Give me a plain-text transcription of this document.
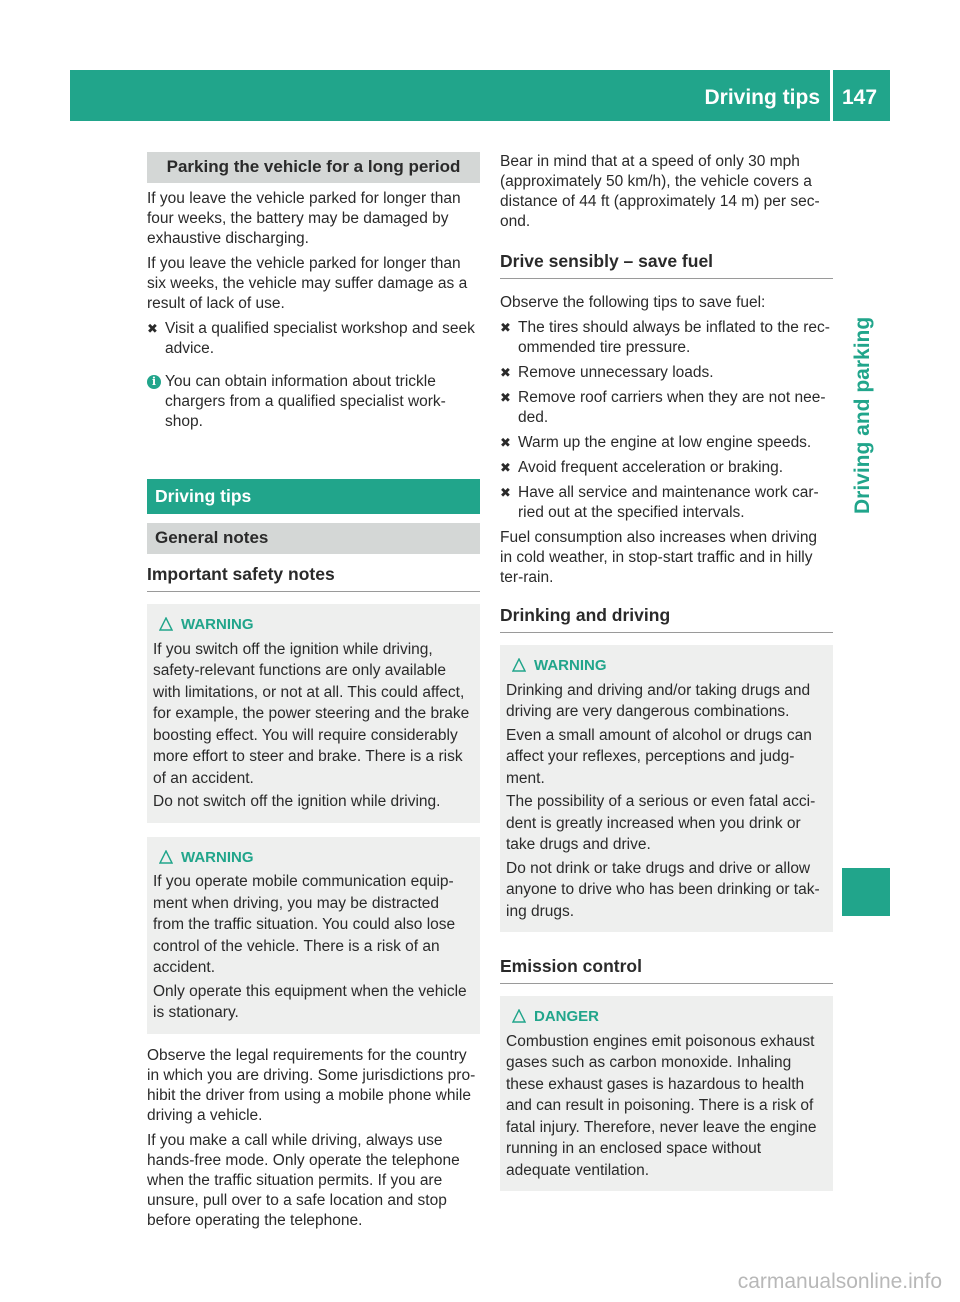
Driving tips 147
Driving and parking
Parking the vehicle for a long period

If you leave the vehicle parked for longer than four weeks, the battery may be damaged by exhaustive discharging.

If you leave the vehicle parked for longer than six weeks, the vehicle may suffer damage as a result of lack of use.

✖ Visit a qualified specialist workshop and seek advice.
i You can obtain information about trickle chargers from a qualified specialist work-shop.
Driving tips
General notes
Important safety notes
WARNING

If you switch off the ignition while driving, safety-relevant functions are only available with limitations, or not at all. This could affect, for example, the power steering and the brake boosting effect. You will require considerably more effort to steer and brake. There is a risk of an accident.

Do not switch off the ignition while driving.

WARNING

If you operate mobile communication equip-ment when driving, you may be distracted from the traffic situation. You could also lose control of the vehicle. There is a risk of an accident.

Only operate this equipment when the vehicle is stationary.

Observe the legal requirements for the country in which you are driving. Some jurisdictions pro-hibit the driver from using a mobile phone while driving a vehicle.

If you make a call while driving, always use hands-free mode. Only operate the telephone when the traffic situation permits. If you are unsure, pull over to a safe location and stop before operating the telephone.

Bear in mind that at a speed of only 30 mph (approximately 50 km/h), the vehicle covers a distance of 44 ft (approximately 14 m) per sec-ond.

Drive sensibly – save fuel

Observe the following tips to save fuel:

✖ The tires should always be inflated to the rec-ommended tire pressure.
✖ Remove unnecessary loads.
✖ Remove roof carriers when they are not nee-ded.
✖ Warm up the engine at low engine speeds.
✖ Avoid frequent acceleration or braking.
✖ Have all service and maintenance work car-ried out at the specified intervals.

Fuel consumption also increases when driving in cold weather, in stop-start traffic and in hilly ter-rain.

Drinking and driving
WARNING

Drinking and driving and/or taking drugs and driving are very dangerous combinations.

Even a small amount of alcohol or drugs can affect your reflexes, perceptions and judg-ment.

The possibility of a serious or even fatal acci-dent is greatly increased when you drink or take drugs and drive.

Do not drink or take drugs and drive or allow anyone to drive who has been drinking or tak-ing drugs.

Emission control
DANGER

Combustion engines emit poisonous exhaust gases such as carbon monoxide. Inhaling these exhaust gases is hazardous to health and can result in poisoning. There is a risk of fatal injury. Therefore, never leave the engine running in an enclosed space without adequate ventilation.

carmanualsonline.info
